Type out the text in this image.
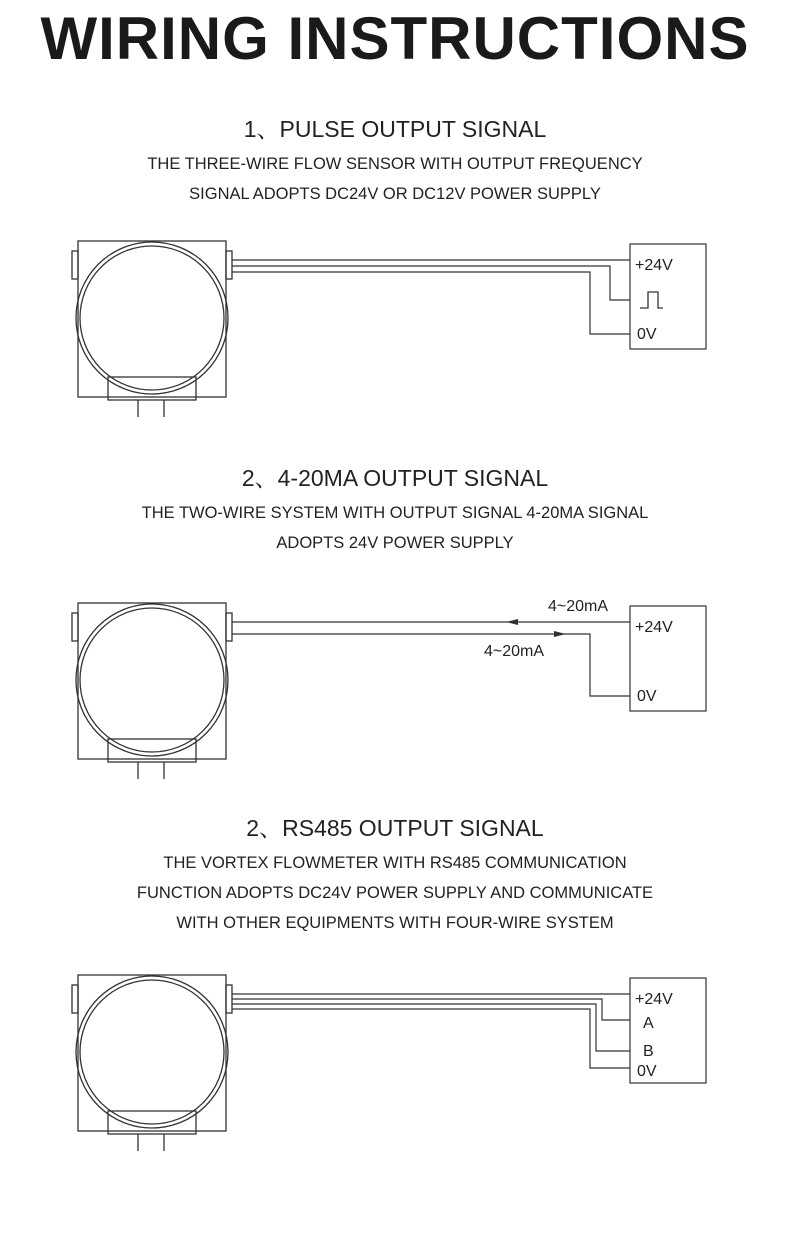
WIRING INSTRUCTIONS
1、PULSE OUTPUT SIGNAL
THE THREE-WIRE FLOW SENSOR WITH OUTPUT FREQUENCY
SIGNAL ADOPTS DC24V OR DC12V POWER SUPPLY
+24V
0V
2、4-20MA OUTPUT SIGNAL
THE TWO-WIRE SYSTEM WITH OUTPUT SIGNAL 4-20MA SIGNAL
ADOPTS 24V POWER SUPPLY
4~20mA
4~20mA
+24V
0V
2、RS485 OUTPUT SIGNAL
THE VORTEX FLOWMETER WITH RS485 COMMUNICATION
FUNCTION ADOPTS DC24V POWER SUPPLY AND COMMUNICATE
WITH OTHER EQUIPMENTS WITH FOUR-WIRE SYSTEM
+24V
A
B
0V
